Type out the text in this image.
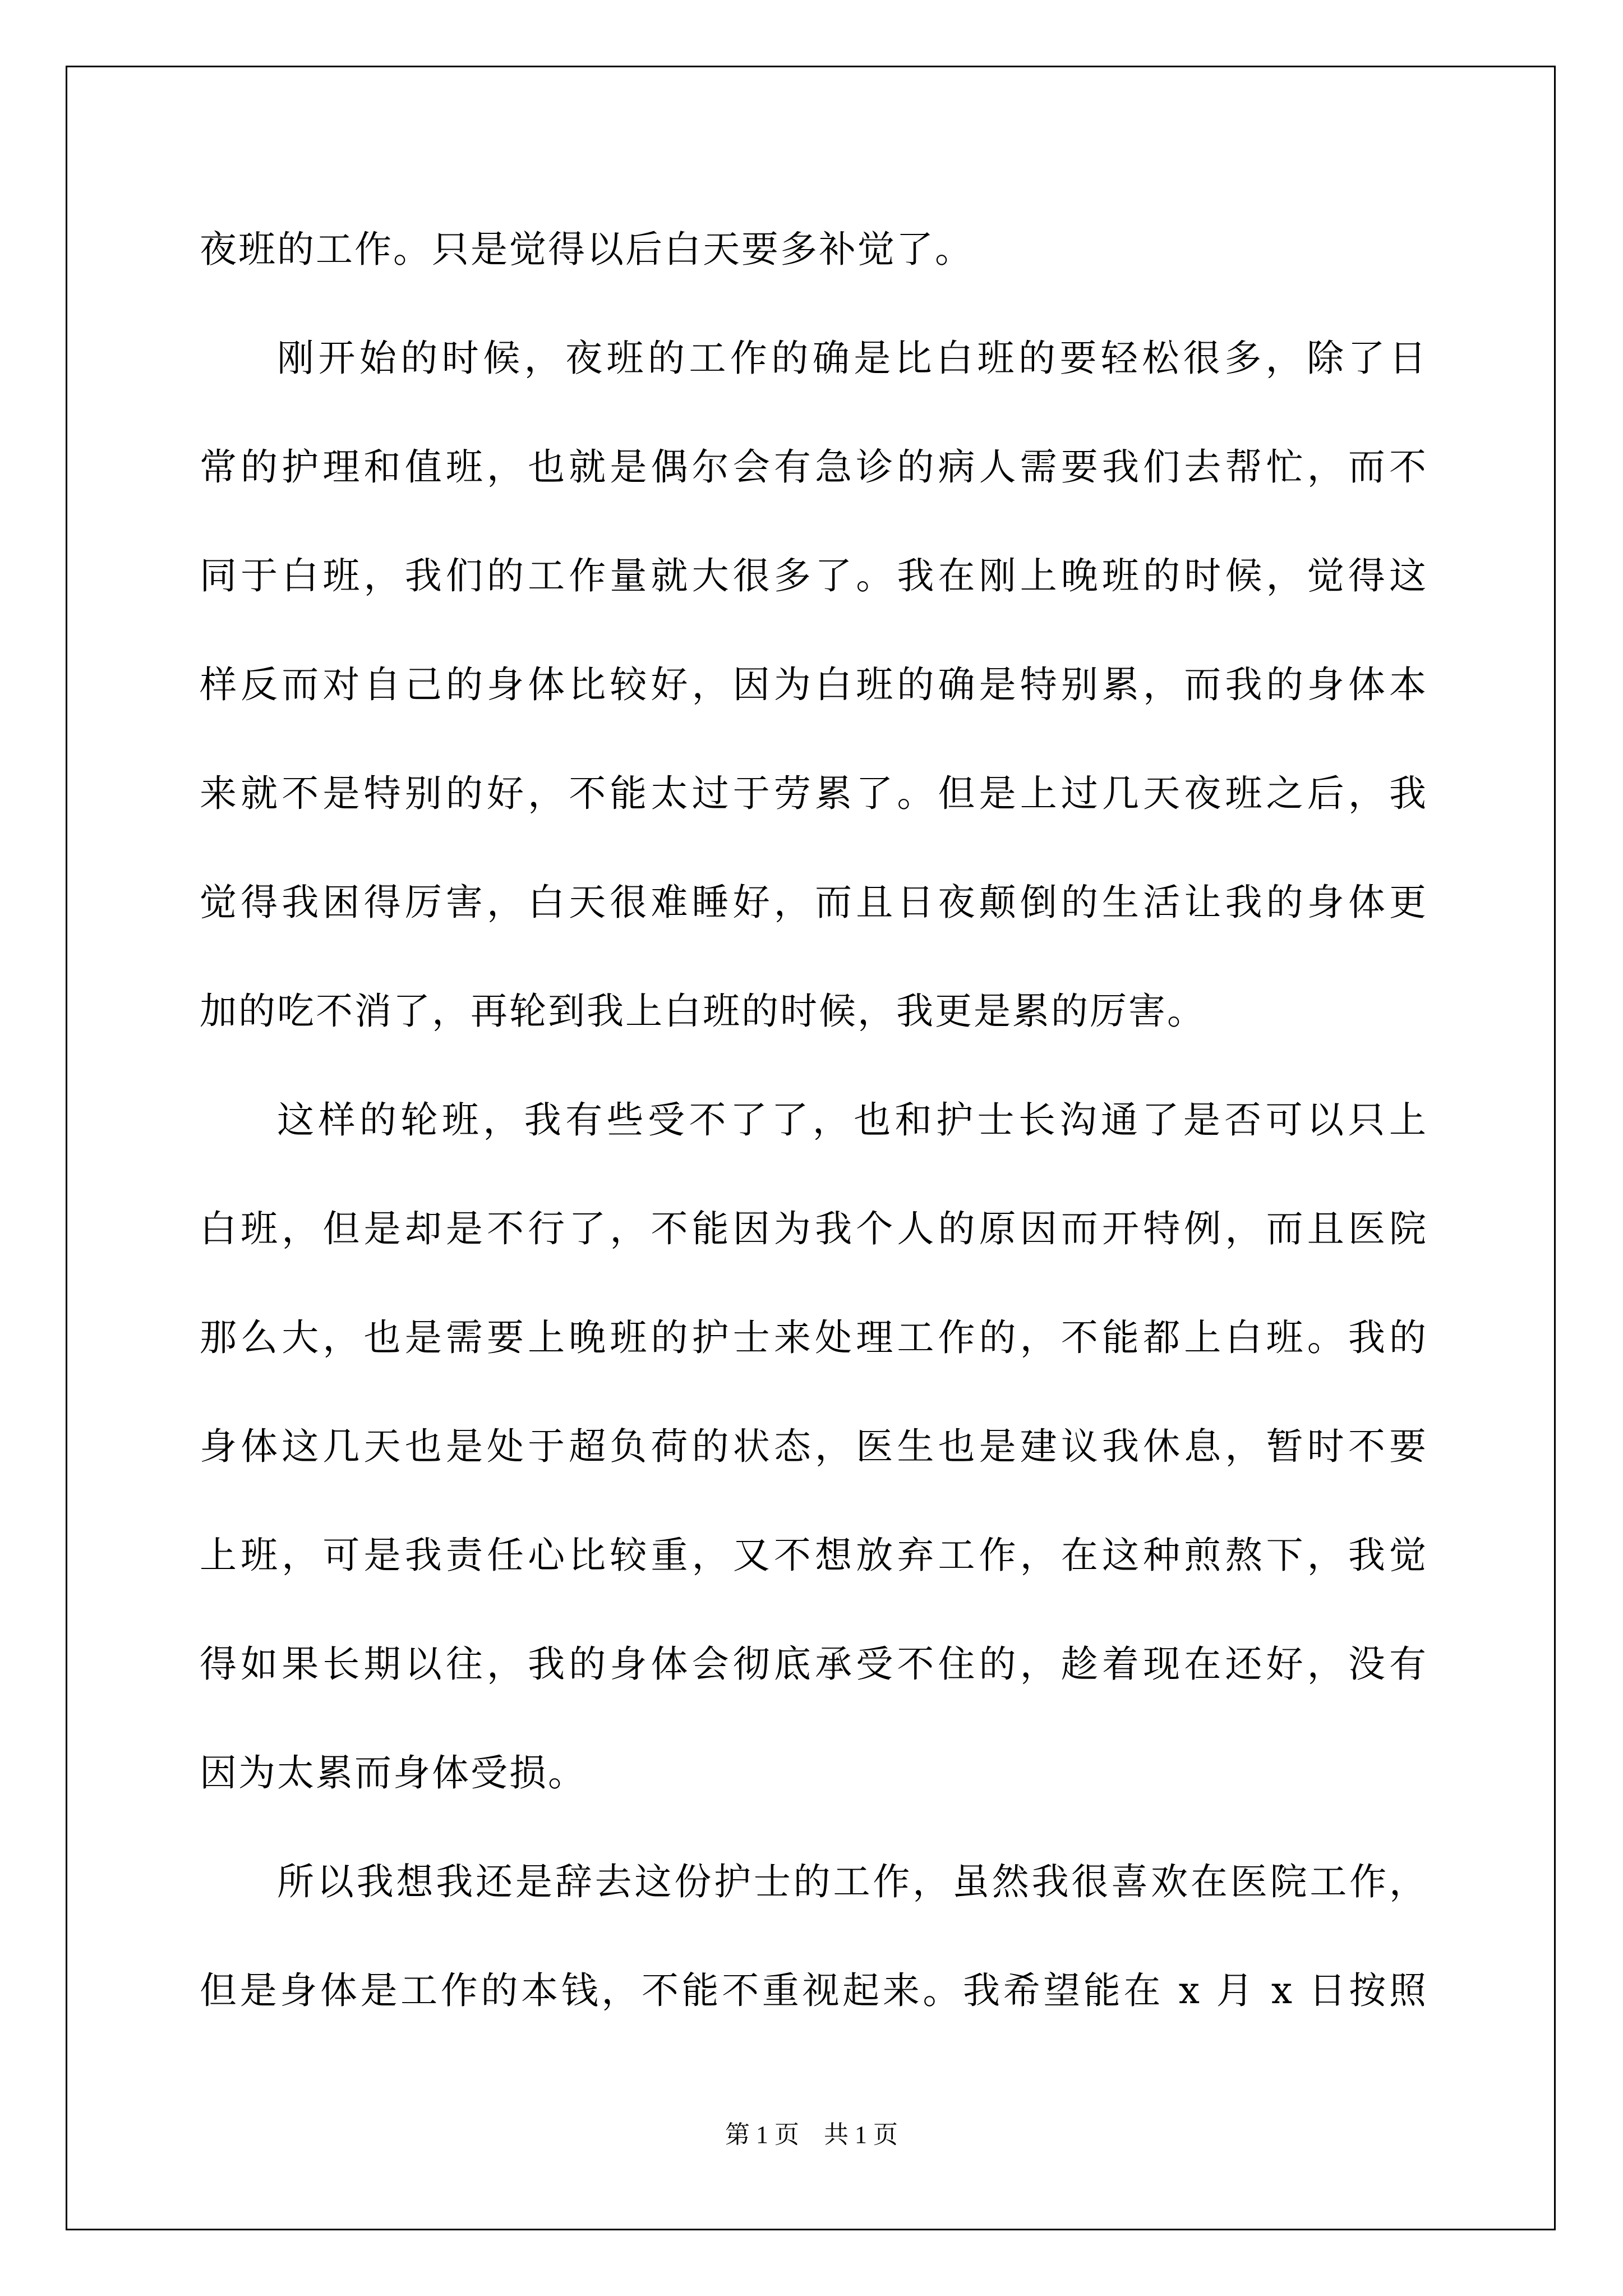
夜班的工作。只是觉得以后白天要多补觉了。
刚开始的时候，夜班的工作的确是比白班的要轻松很多，除了日
常的护理和值班，也就是偶尔会有急诊的病人需要我们去帮忙，而不
同于白班，我们的工作量就大很多了。我在刚上晚班的时候，觉得这
样反而对自己的身体比较好，因为白班的确是特别累，而我的身体本
来就不是特别的好，不能太过于劳累了。但是上过几天夜班之后，我
觉得我困得厉害，白天很难睡好，而且日夜颠倒的生活让我的身体更
加的吃不消了，再轮到我上白班的时候，我更是累的厉害。
这样的轮班，我有些受不了了，也和护士长沟通了是否可以只上
白班，但是却是不行了，不能因为我个人的原因而开特例，而且医院
那么大，也是需要上晚班的护士来处理工作的，不能都上白班。我的
身体这几天也是处于超负荷的状态，医生也是建议我休息，暂时不要
上班，可是我责任心比较重，又不想放弃工作，在这种煎熬下，我觉
得如果长期以往，我的身体会彻底承受不住的，趁着现在还好，没有
因为太累而身体受损。
所以我想我还是辞去这份护士的工作，虽然我很喜欢在医院工作，
但是身体是工作的本钱，不能不重视起来。我希望能在 x 月 x 日按照
第 1 页　共 1 页
